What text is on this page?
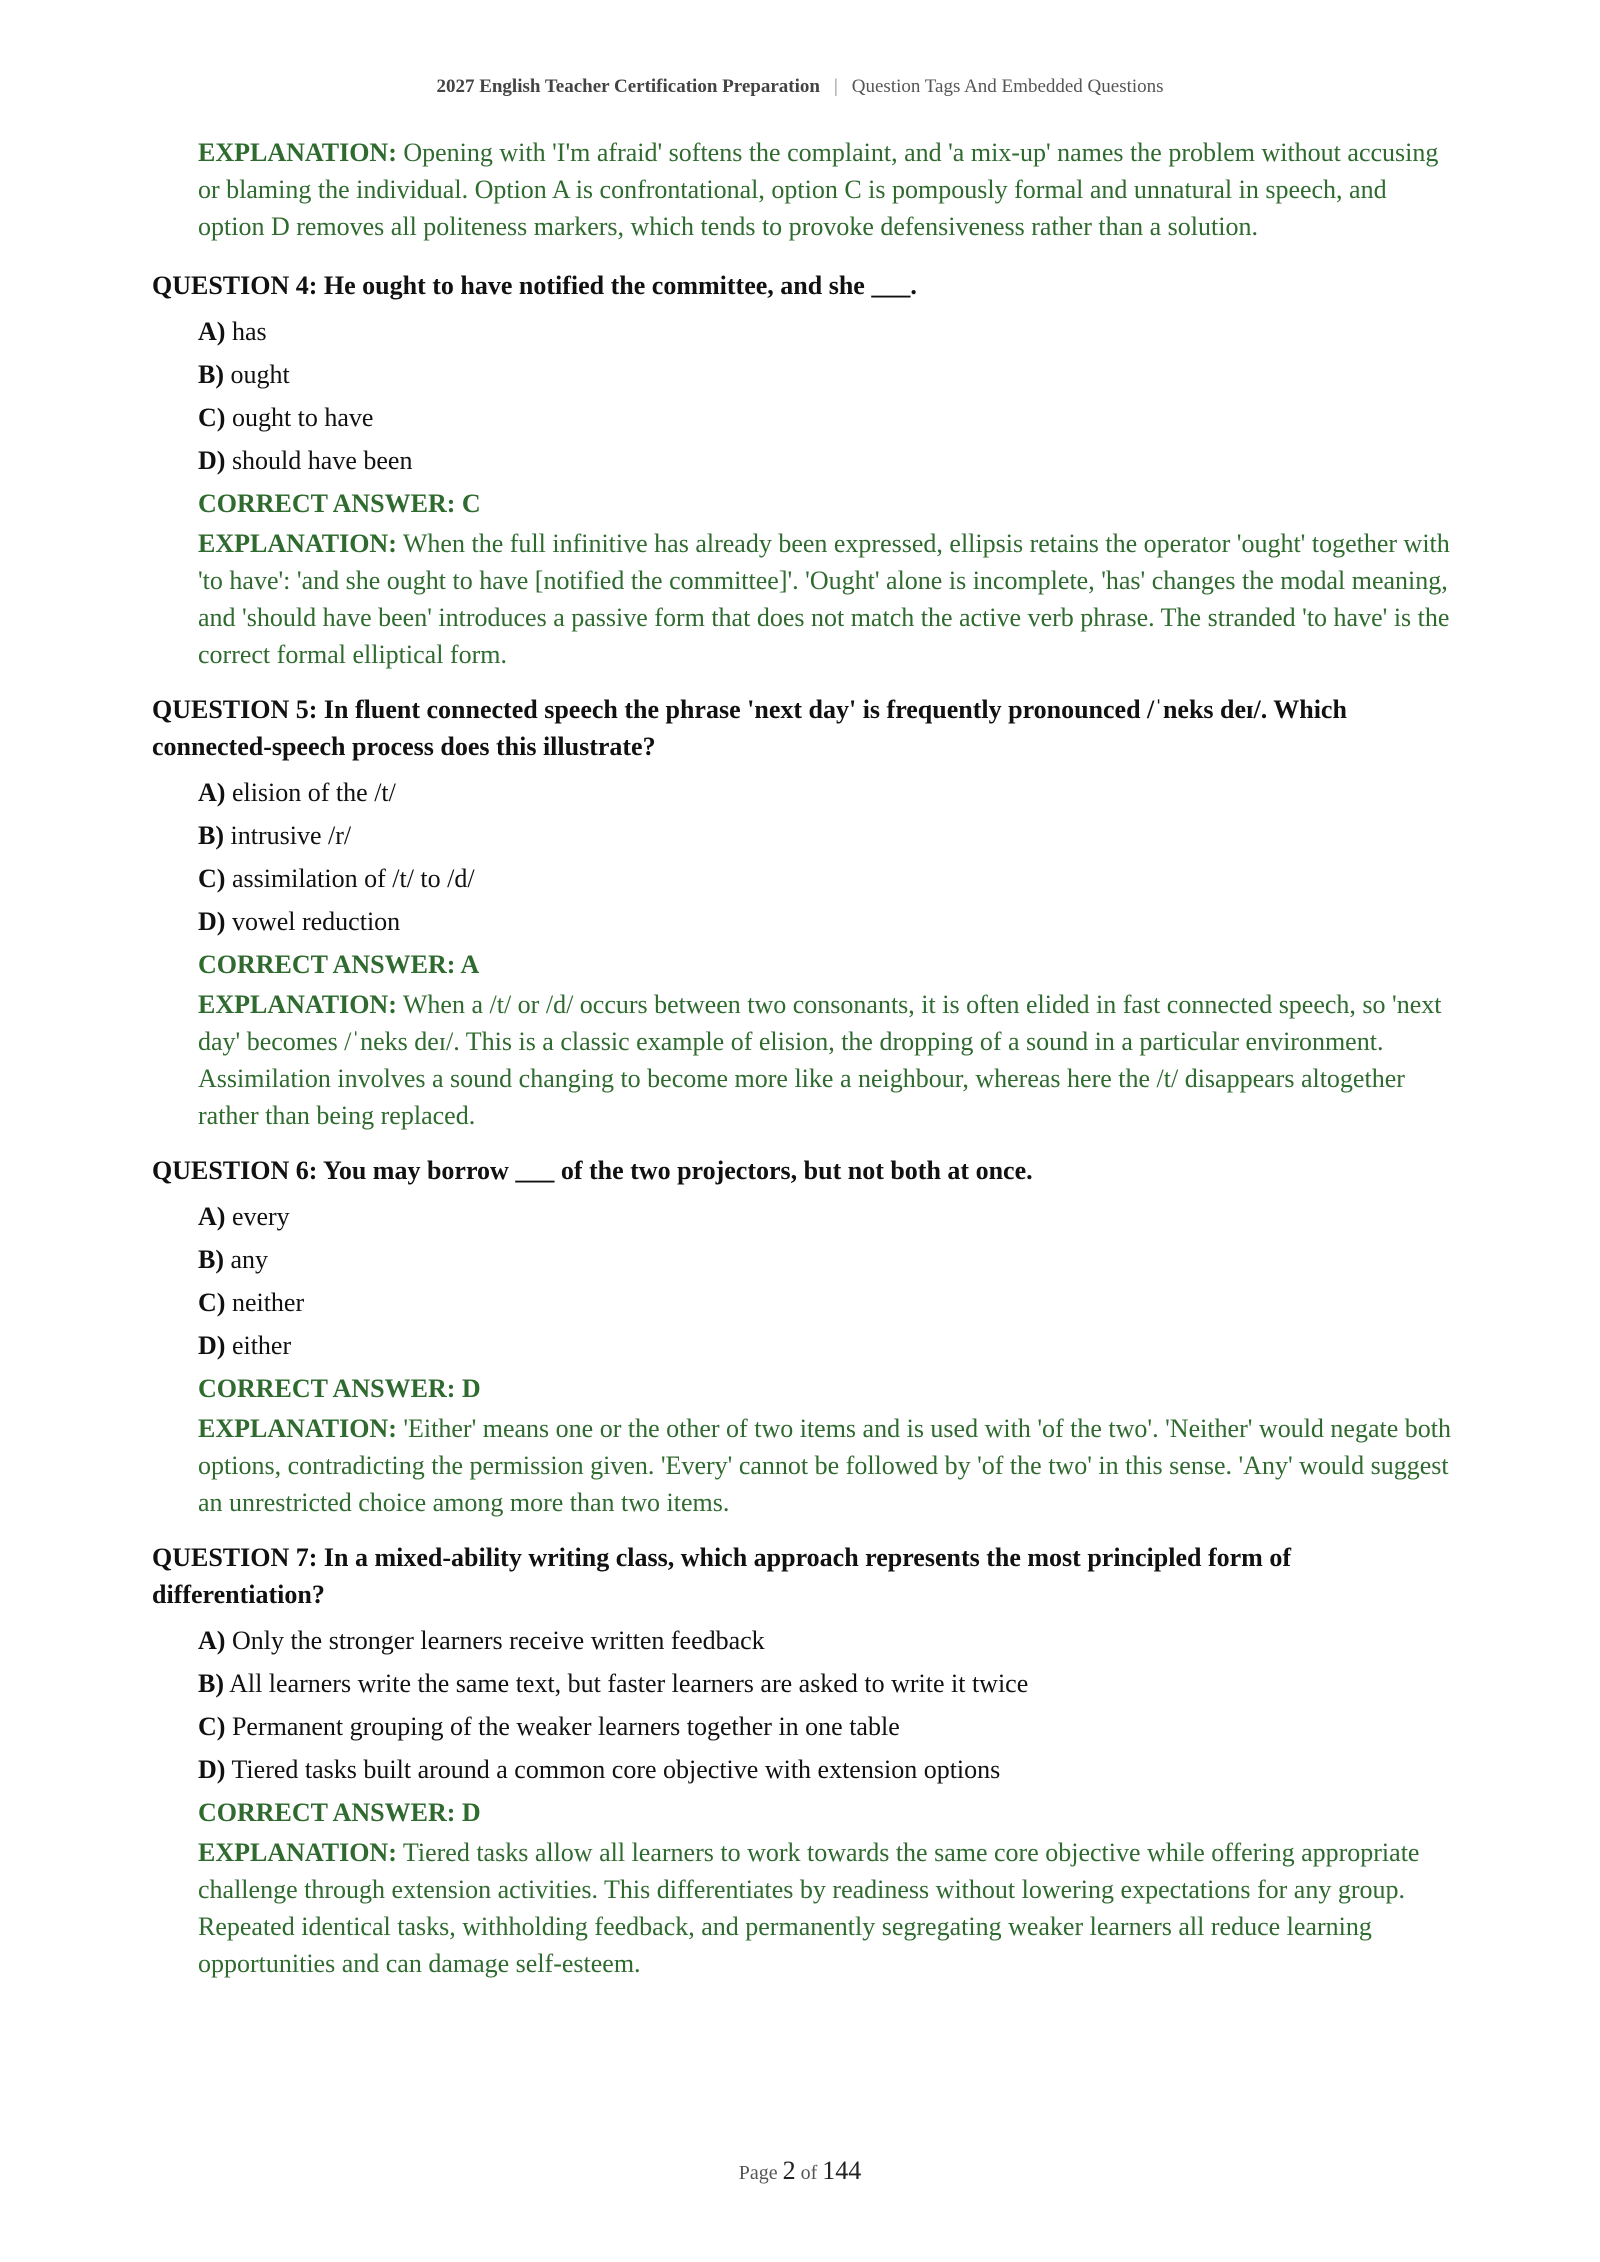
2027 English Teacher Certification Preparation | Question Tags And Embedded Questions
EXPLANATION: Opening with 'I'm afraid' softens the complaint, and 'a mix-up' names the problem without accusing or blaming the individual. Option A is confrontational, option C is pompously formal and unnatural in speech, and option D removes all politeness markers, which tends to provoke defensiveness rather than a solution.
QUESTION 4: He ought to have notified the committee, and she ___.
A) has
B) ought
C) ought to have
D) should have been
CORRECT ANSWER: C
EXPLANATION: When the full infinitive has already been expressed, ellipsis retains the operator 'ought' together with 'to have': 'and she ought to have [notified the committee]'. 'Ought' alone is incomplete, 'has' changes the modal meaning, and 'should have been' introduces a passive form that does not match the active verb phrase. The stranded 'to have' is the correct formal elliptical form.
QUESTION 5: In fluent connected speech the phrase 'next day' is frequently pronounced /ˈneks deɪ/. Which connected-speech process does this illustrate?
A) elision of the /t/
B) intrusive /r/
C) assimilation of /t/ to /d/
D) vowel reduction
CORRECT ANSWER: A
EXPLANATION: When a /t/ or /d/ occurs between two consonants, it is often elided in fast connected speech, so 'next day' becomes /ˈneks deɪ/. This is a classic example of elision, the dropping of a sound in a particular environment. Assimilation involves a sound changing to become more like a neighbour, whereas here the /t/ disappears altogether rather than being replaced.
QUESTION 6: You may borrow ___ of the two projectors, but not both at once.
A) every
B) any
C) neither
D) either
CORRECT ANSWER: D
EXPLANATION: 'Either' means one or the other of two items and is used with 'of the two'. 'Neither' would negate both options, contradicting the permission given. 'Every' cannot be followed by 'of the two' in this sense. 'Any' would suggest an unrestricted choice among more than two items.
QUESTION 7: In a mixed-ability writing class, which approach represents the most principled form of differentiation?
A) Only the stronger learners receive written feedback
B) All learners write the same text, but faster learners are asked to write it twice
C) Permanent grouping of the weaker learners together in one table
D) Tiered tasks built around a common core objective with extension options
CORRECT ANSWER: D
EXPLANATION: Tiered tasks allow all learners to work towards the same core objective while offering appropriate challenge through extension activities. This differentiates by readiness without lowering expectations for any group. Repeated identical tasks, withholding feedback, and permanently segregating weaker learners all reduce learning opportunities and can damage self-esteem.
Page 2 of 144
